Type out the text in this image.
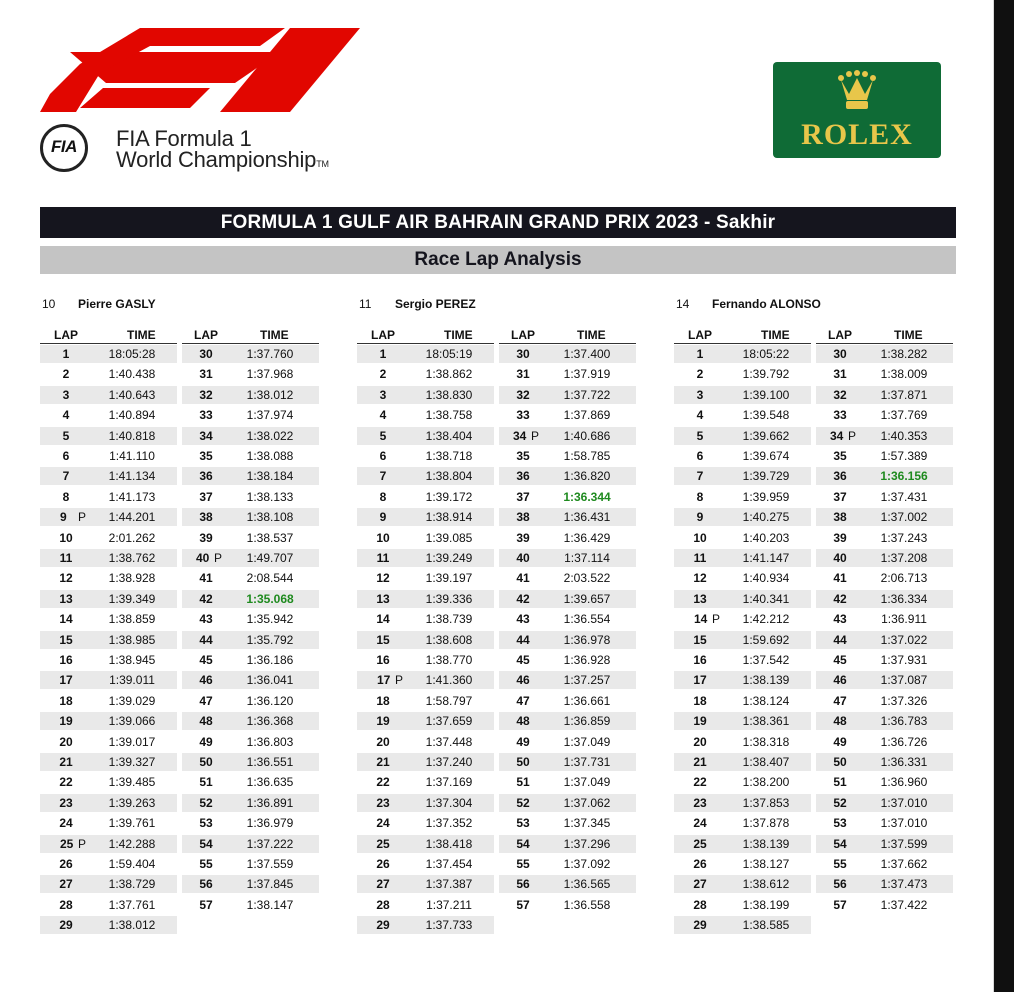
FIA	FIA Formula 1
World ChampionshipTM
ROLEX
FORMULA 1 GULF AIR BAHRAIN GRAND PRIX 2023 - Sakhir
Race Lap Analysis
10 Pierre GASLY
LAP	TIME	LAP	TIME
1	18:05:28
2	1:40.438
3	1:40.643
4	1:40.894
5	1:40.818
6	1:41.110
7	1:41.134
8	1:41.173
9 P	1:44.201
10	2:01.262
11	1:38.762
12	1:38.928
13	1:39.349
14	1:38.859
15	1:38.985
16	1:38.945
17	1:39.011
18	1:39.029
19	1:39.066
20	1:39.017
21	1:39.327
22	1:39.485
23	1:39.263
24	1:39.761
25 P	1:42.288
26	1:59.404
27	1:38.729
28	1:37.761
29	1:38.012
30	1:37.760
31	1:37.968
32	1:38.012
33	1:37.974
34	1:38.022
35	1:38.088
36	1:38.184
37	1:38.133
38	1:38.108
39	1:38.537
40 P	1:49.707
41	2:08.544
42	1:35.068
43	1:35.942
44	1:35.792
45	1:36.186
46	1:36.041
47	1:36.120
48	1:36.368
49	1:36.803
50	1:36.551
51	1:36.635
52	1:36.891
53	1:36.979
54	1:37.222
55	1:37.559
56	1:37.845
57	1:38.147
11 Sergio PEREZ
LAP	TIME	LAP	TIME
1	18:05:19
2	1:38.862
3	1:38.830
4	1:38.758
5	1:38.404
6	1:38.718
7	1:38.804
8	1:39.172
9	1:38.914
10	1:39.085
11	1:39.249
12	1:39.197
13	1:39.336
14	1:38.739
15	1:38.608
16	1:38.770
17 P	1:41.360
18	1:58.797
19	1:37.659
20	1:37.448
21	1:37.240
22	1:37.169
23	1:37.304
24	1:37.352
25	1:38.418
26	1:37.454
27	1:37.387
28	1:37.211
29	1:37.733
30	1:37.400
31	1:37.919
32	1:37.722
33	1:37.869
34 P	1:40.686
35	1:58.785
36	1:36.820
37	1:36.344
38	1:36.431
39	1:36.429
40	1:37.114
41	2:03.522
42	1:39.657
43	1:36.554
44	1:36.978
45	1:36.928
46	1:37.257
47	1:36.661
48	1:36.859
49	1:37.049
50	1:37.731
51	1:37.049
52	1:37.062
53	1:37.345
54	1:37.296
55	1:37.092
56	1:36.565
57	1:36.558
14 Fernando ALONSO
LAP	TIME	LAP	TIME
1	18:05:22
2	1:39.792
3	1:39.100
4	1:39.548
5	1:39.662
6	1:39.674
7	1:39.729
8	1:39.959
9	1:40.275
10	1:40.203
11	1:41.147
12	1:40.934
13	1:40.341
14 P	1:42.212
15	1:59.692
16	1:37.542
17	1:38.139
18	1:38.124
19	1:38.361
20	1:38.318
21	1:38.407
22	1:38.200
23	1:37.853
24	1:37.878
25	1:38.139
26	1:38.127
27	1:38.612
28	1:38.199
29	1:38.585
30	1:38.282
31	1:38.009
32	1:37.871
33	1:37.769
34 P	1:40.353
35	1:57.389
36	1:36.156
37	1:37.431
38	1:37.002
39	1:37.243
40	1:37.208
41	2:06.713
42	1:36.334
43	1:36.911
44	1:37.022
45	1:37.931
46	1:37.087
47	1:37.326
48	1:36.783
49	1:36.726
50	1:36.331
51	1:36.960
52	1:37.010
53	1:37.010
54	1:37.599
55	1:37.662
56	1:37.473
57	1:37.422
